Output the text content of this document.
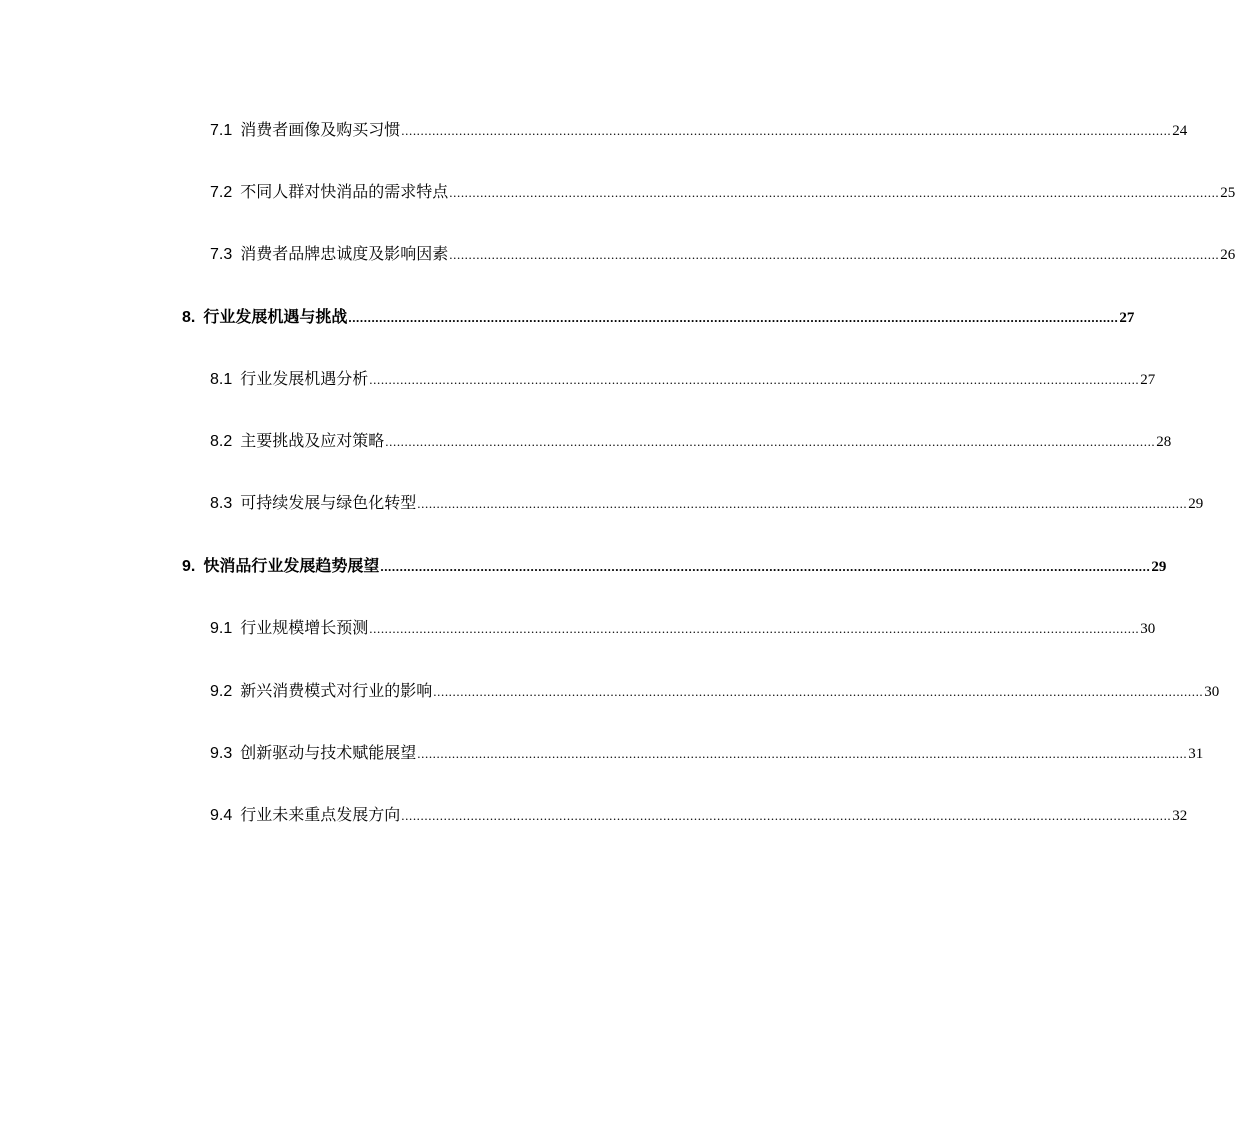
7.1 消费者画像及购买习惯 ........................................................................................................................................................................................................ 24
7.2 不同人群对快消品的需求特点 ........................................................................................................................................................................................................ 25
7.3 消费者品牌忠诚度及影响因素 ........................................................................................................................................................................................................ 26
8. 行业发展机遇与挑战 ........................................................................................................................................................................................................ 27
8.1 行业发展机遇分析 ........................................................................................................................................................................................................ 27
8.2 主要挑战及应对策略 ........................................................................................................................................................................................................ 28
8.3 可持续发展与绿色化转型 ........................................................................................................................................................................................................ 29
9. 快消品行业发展趋势展望 ........................................................................................................................................................................................................ 29
9.1 行业规模增长预测 ........................................................................................................................................................................................................ 30
9.2 新兴消费模式对行业的影响 ........................................................................................................................................................................................................ 30
9.3 创新驱动与技术赋能展望 ........................................................................................................................................................................................................ 31
9.4 行业未来重点发展方向 ........................................................................................................................................................................................................ 32
